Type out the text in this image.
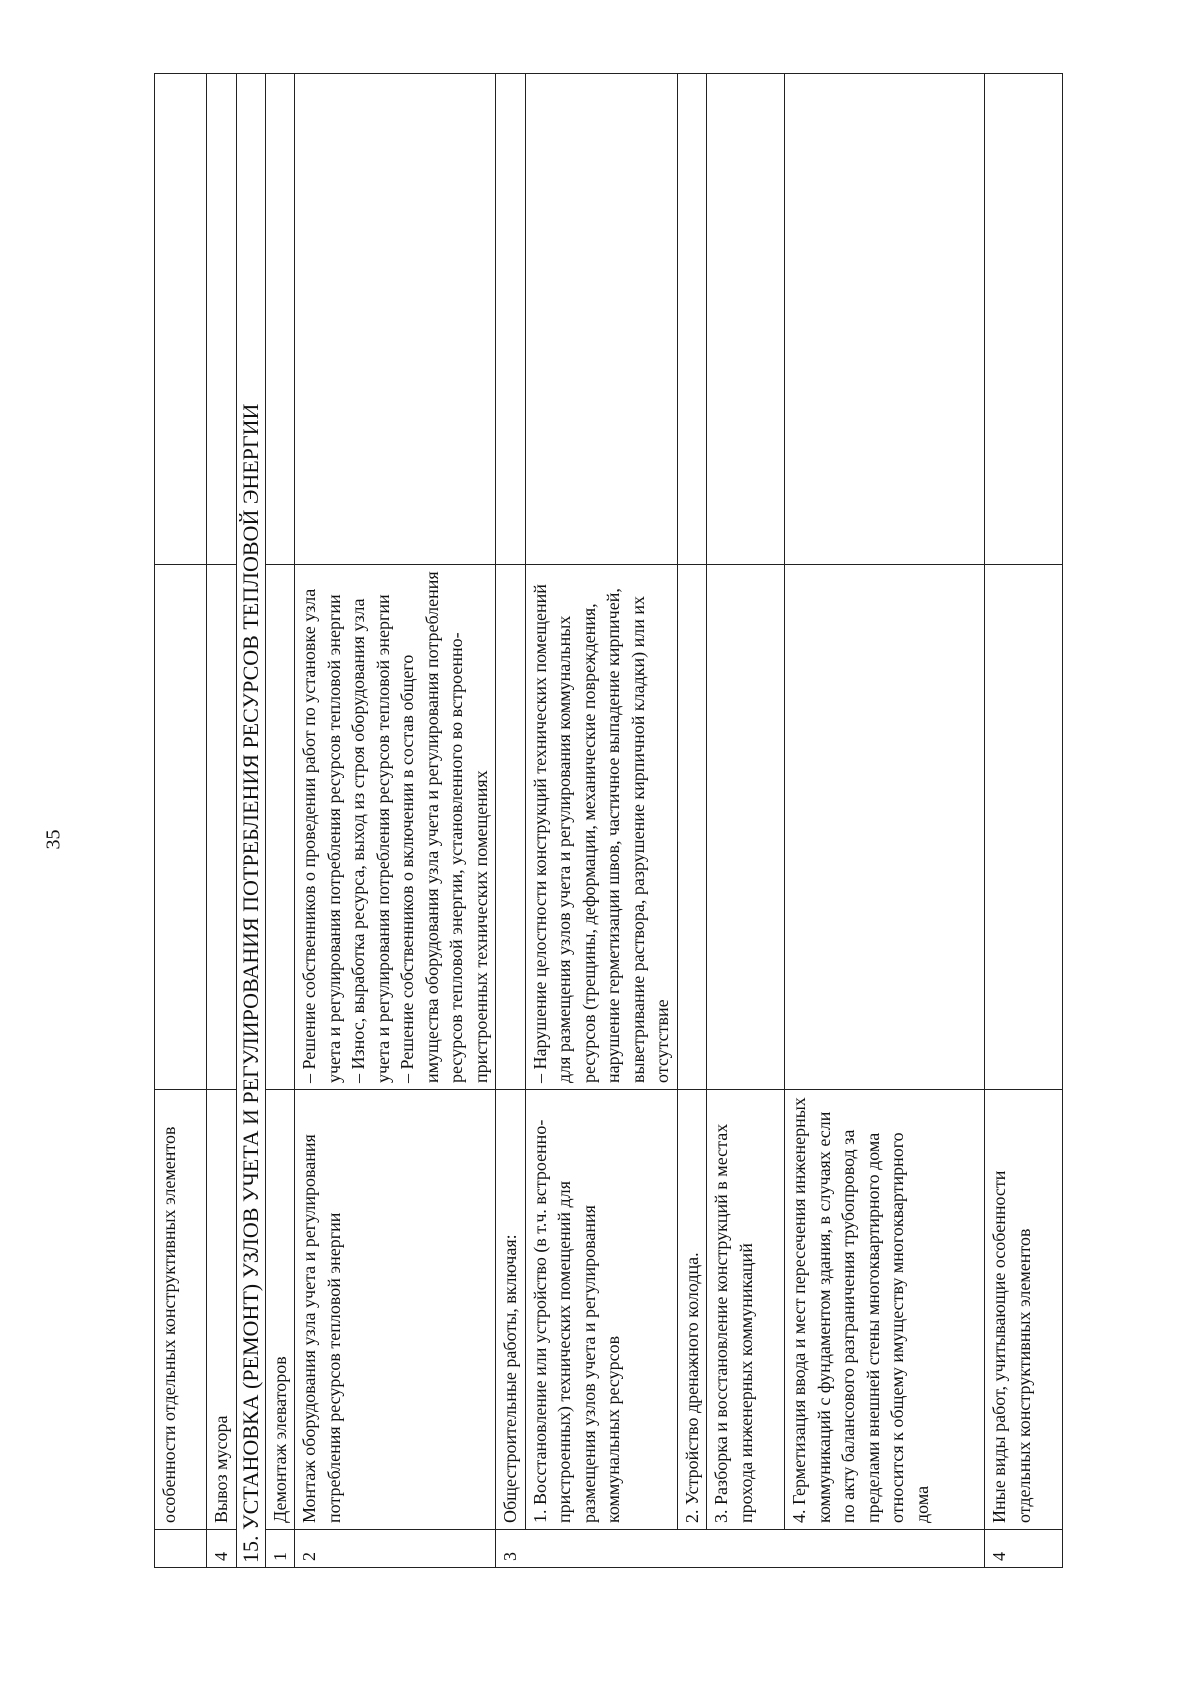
35
	особенности отдельных конструктивных элементов		
4	Вывоз мусора		
15. УСТАНОВКА (РЕМОНТ) УЗЛОВ УЧЕТА И РЕГУЛИРОВАНИЯ ПОТРЕБЛЕНИЯ РЕСУРСОВ ТЕПЛОВОЙ ЭНЕРГИИ			
1	Демонтаж элеваторов		
2	Монтаж оборудования узла учета и регулирования потребления ресурсов тепловой энергии	– Решение собственников о проведении работ по установке узла учета и регулирования потребления ресурсов тепловой энергии – Износ, выработка ресурса, выход из строя оборудования узла учета и регулирования потребления ресурсов тепловой энергии – Решение собственников о включении в состав общего имущества оборудования узла учета и регулирования потребления ресурсов тепловой энергии, установленного во встроенно-пристроенных технических помещениях	

3	Общестроительные работы, включая:		
	1. Восстановление или устройство (в т.ч. встроенно-пристроенных) технических помещений для размещения узлов учета и регулирования коммунальных ресурсов	– Нарушение целостности конструкций технических помещений для размещения узлов учета и регулирования коммунальных ресурсов (трещины, деформации, механические повреждения, нарушение герметизации швов, частичное выпадение кирпичей, выветривание раствора, разрушение кирпичной кладки) или их отсутствие	
	2. Устройство дренажного колодца.		
	3. Разборка и восстановление конструкций в местах прохода инженерных коммуникаций		
	4. Герметизация ввода и мест пересечения инженерных коммуникаций с фундаментом здания, в случаях если по акту балансового разграничения трубопровод за пределами внешней стены многоквартирного дома относится к общему имуществу многоквартирного дома		
4	Иные виды работ, учитывающие особенности отдельных конструктивных элементов		
